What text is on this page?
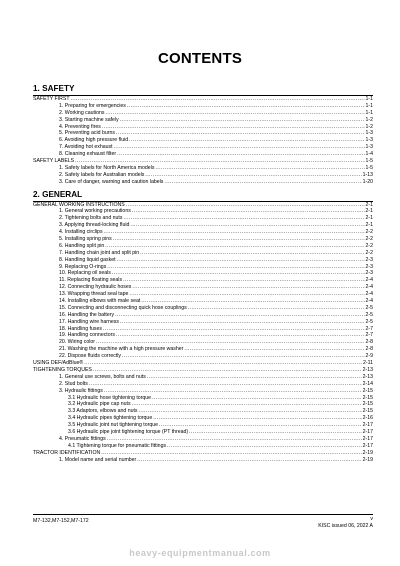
CONTENTS
1. SAFETY
SAFETY FIRST .....	1-1
1. Preparing for emergencies .....	1-1
2. Working cautions .....	1-1
3. Starting machine safely .....	1-2
4. Preventing fires .....	1-2
5. Preventing acid burns .....	1-3
6. Avoiding high pressure fluid .....	1-3
7. Avoiding hot exhaust .....	1-3
8. Cleaning exhaust filter .....	1-4
SAFETY LABELS .....	1-5
1. Safety labels for North America models .....	1-5
2. Safety labels for Australian models .....	1-13
3. Care of danger, warning and caution labels .....	1-20
2. GENERAL
GENERAL WORKING INSTRUCTIONS .....	2-1
1. General working precautions .....	2-1
2. Tightening bolts and nuts .....	2-1
3. Applying thread-locking fluid .....	2-1
4. Installing circlips .....	2-2
5. Installing spring pins .....	2-2
6. Handling split pin .....	2-2
7. Handling chain joint and split pin .....	2-2
8. Handling liquid gasket .....	2-3
9. Replacing O-rings .....	2-3
10. Replacing oil seals .....	2-3
11. Replacing floating seals .....	2-4
12. Connecting hydraulic hoses .....	2-4
13. Wrapping thread seal tape .....	2-4
14. Installing elbows with male seat .....	2-4
15. Connecting and disconnecting quick hose couplings .....	2-5
16. Handling the battery .....	2-5
17. Handling wire harness .....	2-5
18. Handling fuses .....	2-7
19. Handling connectors .....	2-7
20. Wiring color .....	2-8
21. Washing the machine with a high pressure washer .....	2-8
22. Dispose fluids correctly .....	2-9
USING DEF/AdBlue® .....	2-11
TIGHTENING TORQUES .....	2-13
1. General use screws, bolts and nuts .....	2-13
2. Stud bolts .....	2-14
3. Hydraulic fittings .....	2-15
3.1 Hydraulic hose tightening torque .....	2-15
3.2 Hydraulic pipe cap nuts .....	2-15
3.3 Adaptors, elbows and nuts .....	2-15
3.4 Hydraulic pipes tightening torque .....	2-16
3.5 Hydraulic joint nut tightening torque .....	2-17
3.6 Hydraulic pipe joint tightening torque (PT thread) .....	2-17
4. Pneumatic fittings .....	2-17
4.1 Tightening torque for pneumatic fittings .....	2-17
TRACTOR IDENTIFICATION .....	2-19
1. Model name and serial number .....	2-19
M7-132,M7-152,M7-172	v
KISC issued 06, 2022 A
heavy-equipmentmanual.com
